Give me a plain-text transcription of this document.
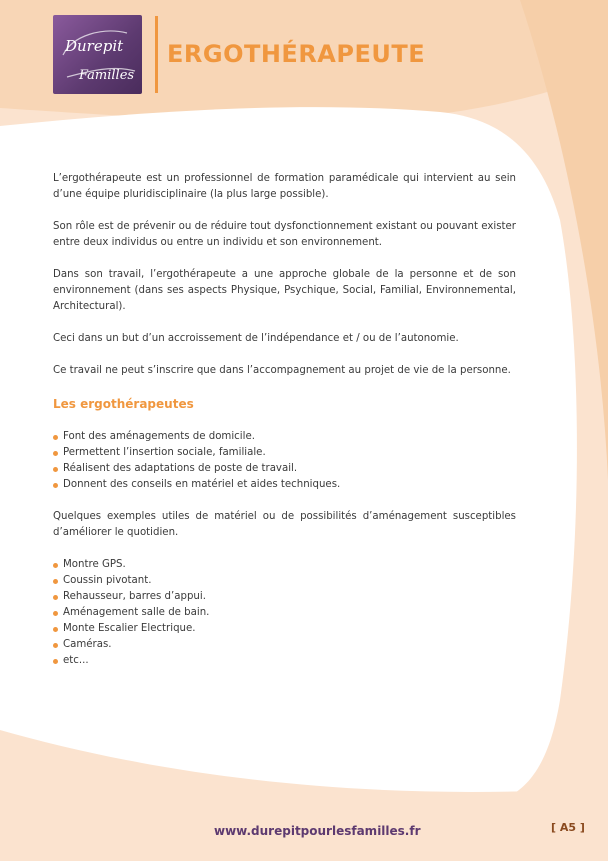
Durepit
Familles
ERGOTHÉRAPEUTE

L’ergothérapeute est un professionnel de formation paramédicale qui intervient au sein d’une équipe pluridisciplinaire (la plus large possible).

Son rôle est de prévenir ou de réduire tout dysfonctionnement existant ou pouvant exister entre deux individus ou entre un individu et son environnement.

Dans son travail, l’ergothérapeute a une approche globale de la personne et de son environnement (dans ses aspects Physique, Psychique, Social, Familial, Environnemental, Architectural).

Ceci dans un but d’un accroissement de l’indépendance et / ou de l’autonomie.

Ce travail ne peut s’inscrire que dans l’accompagnement au projet de vie de la personne.

Les ergothérapeutes
Font des aménagements de domicile.
Permettent l’insertion sociale, familiale.
Réalisent des adaptations de poste de travail.
Donnent des conseils en matériel et aides techniques.

Quelques exemples utiles de matériel ou de possibilités d’aménagement susceptibles d’améliorer le quotidien.

Montre GPS.
Coussin pivotant.
Rehausseur, barres d’appui.
Aménagement salle de bain.
Monte Escalier Electrique.
Caméras.
etc...

www.durepitpourlesfamilles.fr	[ A5 ]
